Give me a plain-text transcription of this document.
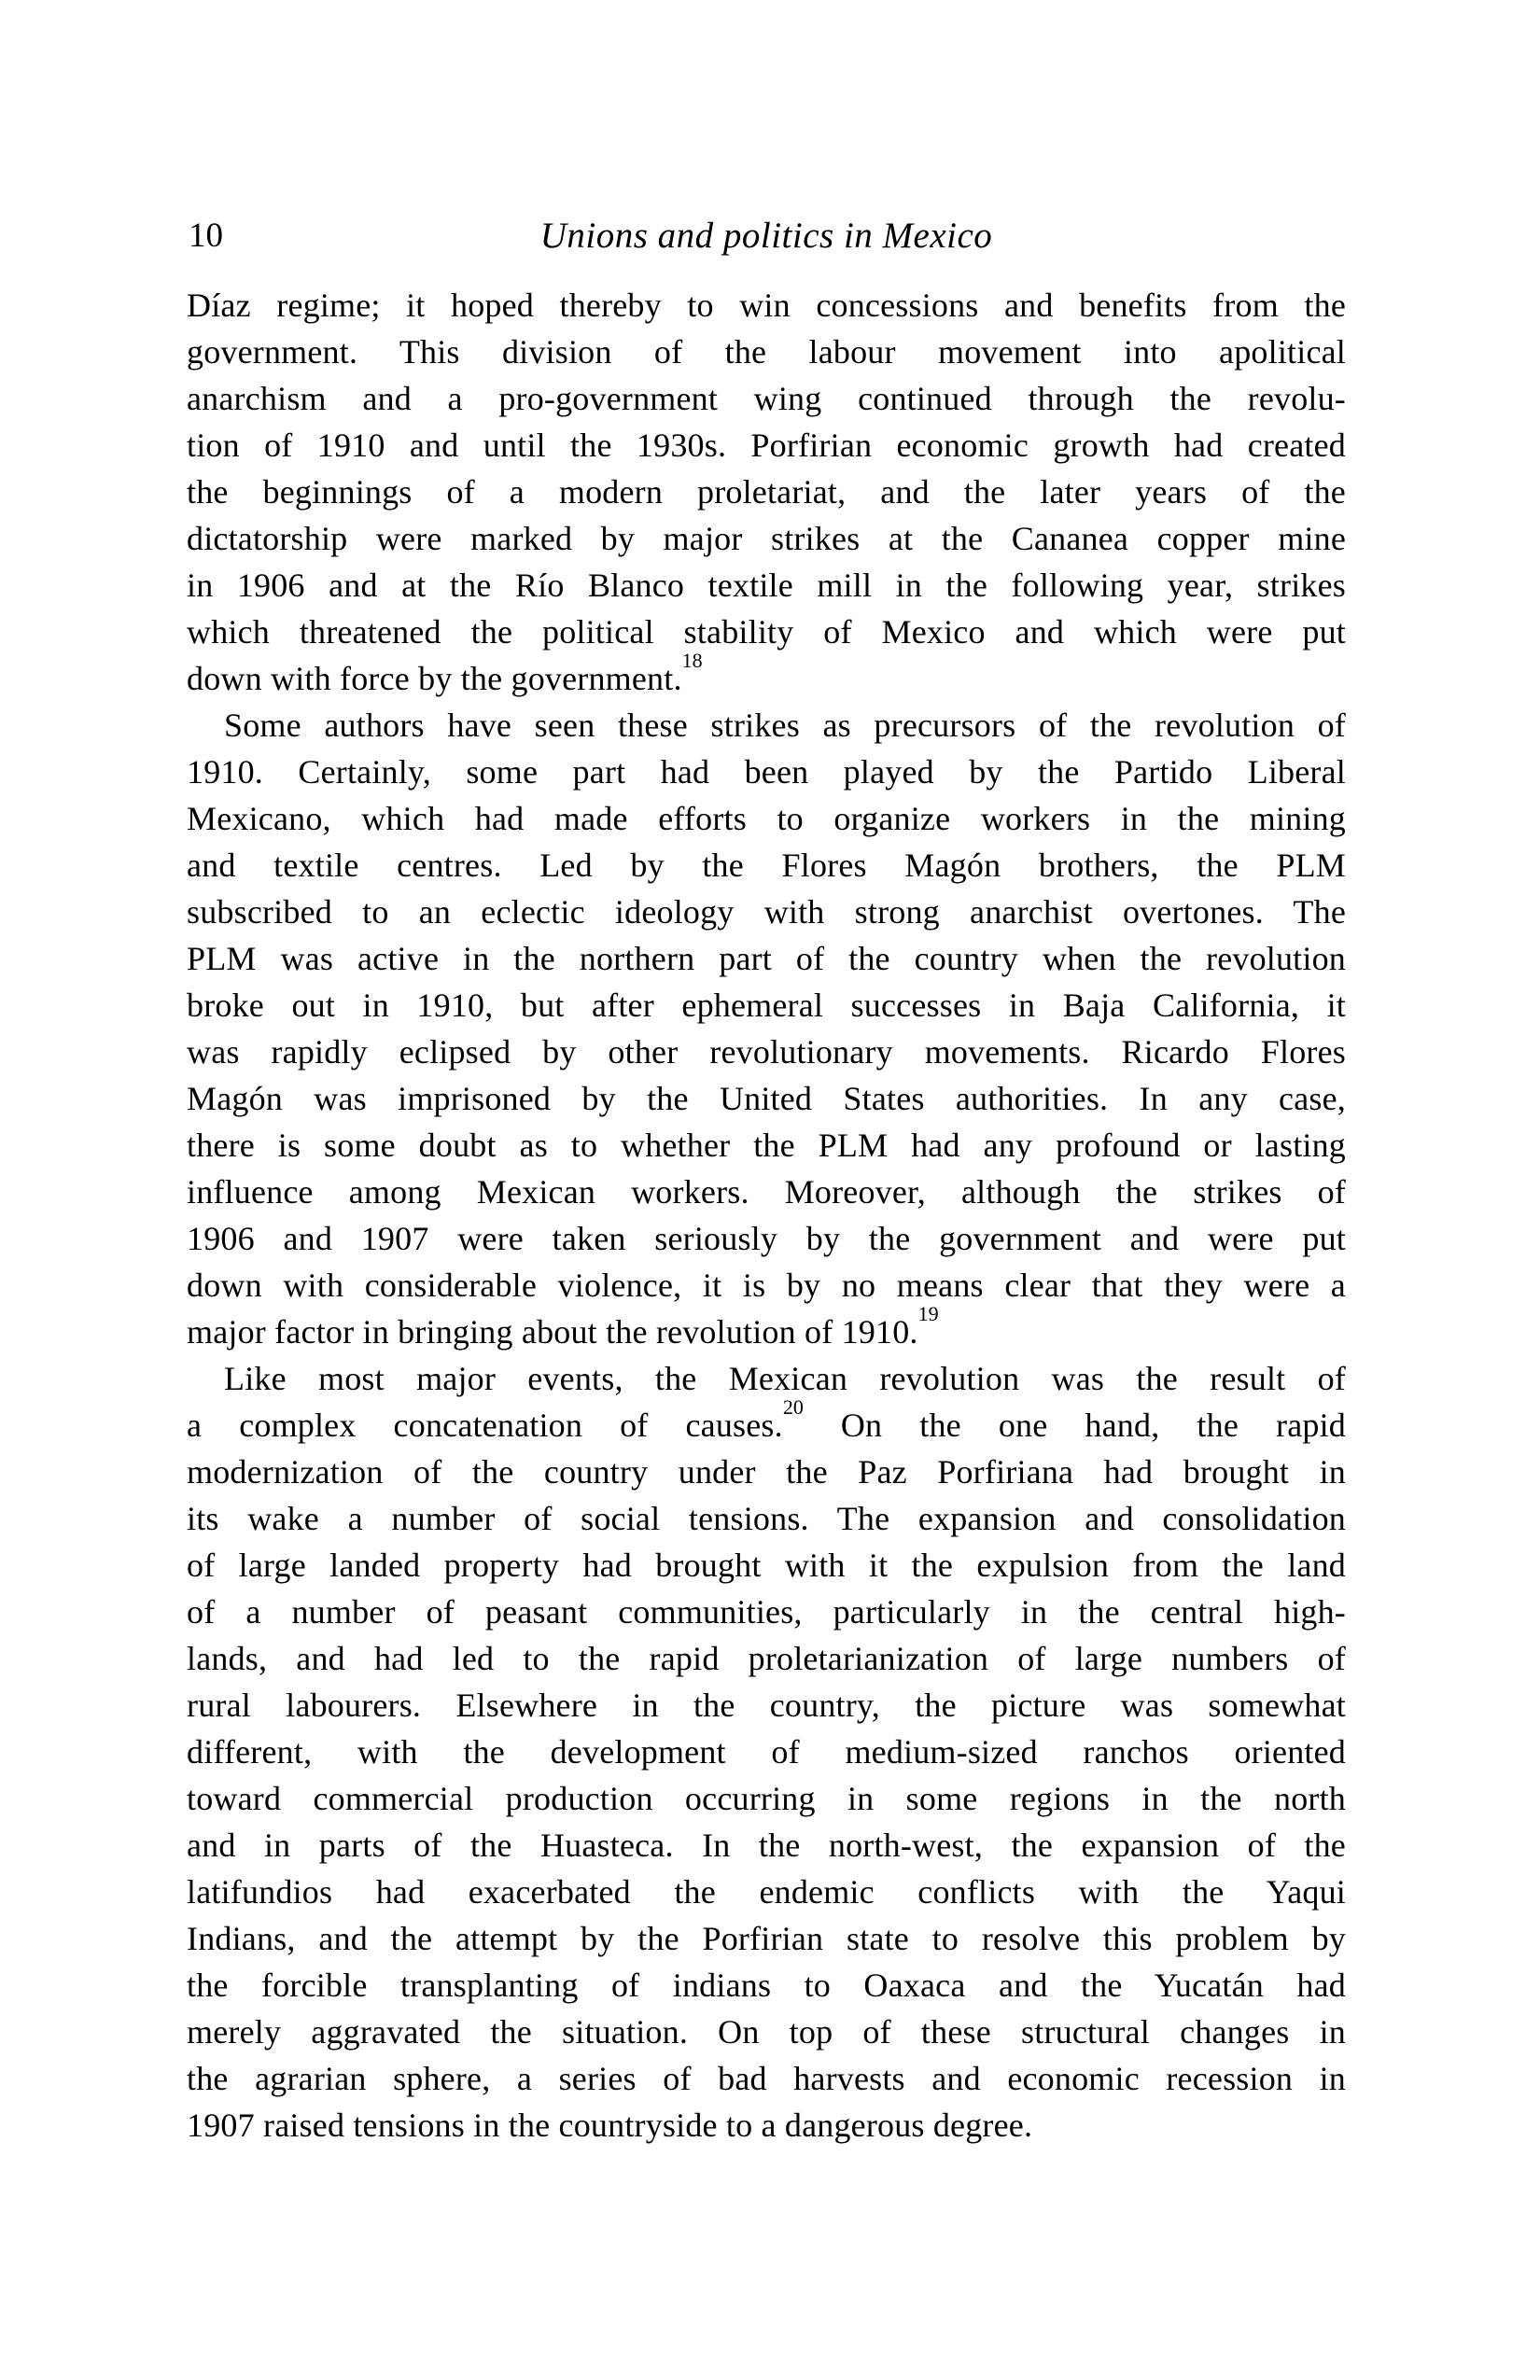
10	Unions and politics in Mexico
Díaz regime; it hoped thereby to win concessions and benefits from the
government. This division of the labour movement into apolitical
anarchism and a pro-government wing continued through the revolu-
tion of 1910 and until the 1930s. Porfirian economic growth had created
the beginnings of a modern proletariat, and the later years of the
dictatorship were marked by major strikes at the Cananea copper mine
in 1906 and at the Río Blanco textile mill in the following year, strikes
which threatened the political stability of Mexico and which were put
down with force by the government.$^{18}$
Some authors have seen these strikes as precursors of the revolution of
1910. Certainly, some part had been played by the Partido Liberal
Mexicano, which had made efforts to organize workers in the mining
and textile centres. Led by the Flores Magón brothers, the PLM
subscribed to an eclectic ideology with strong anarchist overtones. The
PLM was active in the northern part of the country when the revolution
broke out in 1910, but after ephemeral successes in Baja California, it
was rapidly eclipsed by other revolutionary movements. Ricardo Flores
Magón was imprisoned by the United States authorities. In any case,
there is some doubt as to whether the PLM had any profound or lasting
influence among Mexican workers. Moreover, although the strikes of
1906 and 1907 were taken seriously by the government and were put
down with considerable violence, it is by no means clear that they were a
major factor in bringing about the revolution of 1910.19
Like most major events, the Mexican revolution was the result of
a complex concatenation of causes.$^{20}$ On the one hand, the rapid
modernization of the country under the Paz Porfiriana had brought in
its wake a number of social tensions. The expansion and consolidation
of large landed property had brought with it the expulsion from the land
of a number of peasant communities, particularly in the central high-
lands, and had led to the rapid proletarianization of large numbers of
rural labourers. Elsewhere in the country, the picture was somewhat
different, with the development of medium-sized ranchos oriented
toward commercial production occurring in some regions in the north
and in parts of the Huasteca. In the north-west, the expansion of the
latifundios had exacerbated the endemic conflicts with the Yaqui
Indians, and the attempt by the Porfirian state to resolve this problem by
the forcible transplanting of indians to Oaxaca and the Yucatán had
merely aggravated the situation. On top of these structural changes in
the agrarian sphere, a series of bad harvests and economic recession in
1907 raised tensions in the countryside to a dangerous degree.
